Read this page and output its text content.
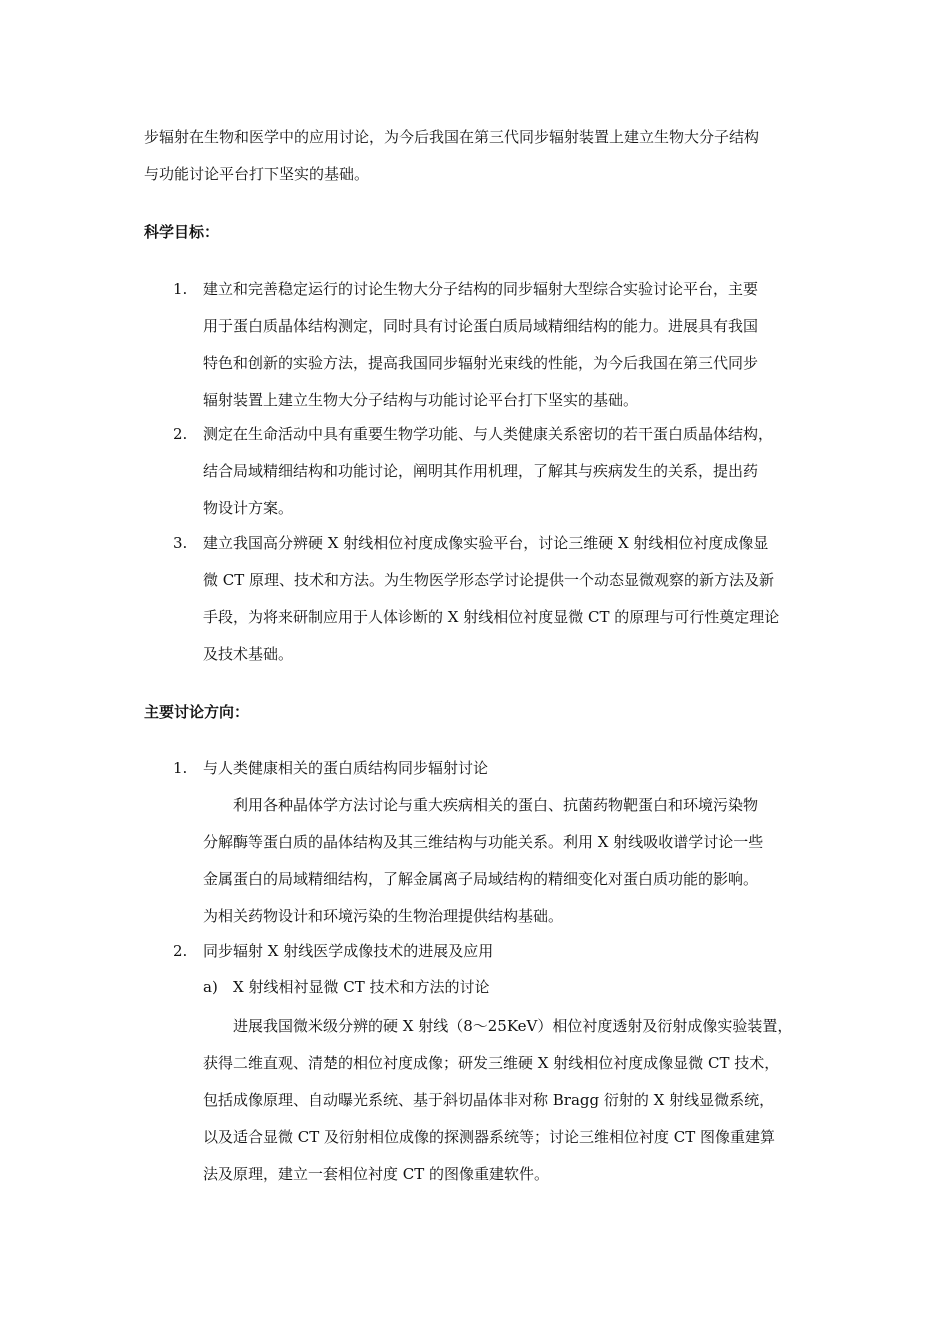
步辐射在生物和医学中的应用讨论，为今后我国在第三代同步辐射装置上建立生物大分子结构
与功能讨论平台打下坚实的基础。
科学目标：
1. 建立和完善稳定运行的讨论生物大分子结构的同步辐射大型综合实验讨论平台，主要
用于蛋白质晶体结构测定，同时具有讨论蛋白质局域精细结构的能力。进展具有我国
特色和创新的实验方法，提高我国同步辐射光束线的性能，为今后我国在第三代同步
辐射装置上建立生物大分子结构与功能讨论平台打下坚实的基础。
2. 测定在生命活动中具有重要生物学功能、与人类健康关系密切的若干蛋白质晶体结构，
结合局域精细结构和功能讨论，阐明其作用机理，了解其与疾病发生的关系，提出药
物设计方案。
3. 建立我国高分辨硬 X 射线相位衬度成像实验平台，讨论三维硬 X 射线相位衬度成像显
微 CT 原理、技术和方法。为生物医学形态学讨论提供一个动态显微观察的新方法及新
手段，为将来研制应用于人体诊断的 X 射线相位衬度显微 CT 的原理与可行性奠定理论
及技术基础。
主要讨论方向：
1. 与人类健康相关的蛋白质结构同步辐射讨论
利用各种晶体学方法讨论与重大疾病相关的蛋白、抗菌药物靶蛋白和环境污染物
分解酶等蛋白质的晶体结构及其三维结构与功能关系。利用 X 射线吸收谱学讨论一些
金属蛋白的局域精细结构，了解金属离子局域结构的精细变化对蛋白质功能的影响。
为相关药物设计和环境污染的生物治理提供结构基础。
2. 同步辐射 X 射线医学成像技术的进展及应用
a) X 射线相衬显微 CT 技术和方法的讨论
进展我国微米级分辨的硬 X 射线（8～25KeV）相位衬度透射及衍射成像实验装置，
获得二维直观、清楚的相位衬度成像；研发三维硬 X 射线相位衬度成像显微 CT 技术，
包括成像原理、自动曝光系统、基于斜切晶体非对称 Bragg 衍射的 X 射线显微系统，
以及适合显微 CT 及衍射相位成像的探测器系统等；讨论三维相位衬度 CT 图像重建算
法及原理，建立一套相位衬度 CT 的图像重建软件。
